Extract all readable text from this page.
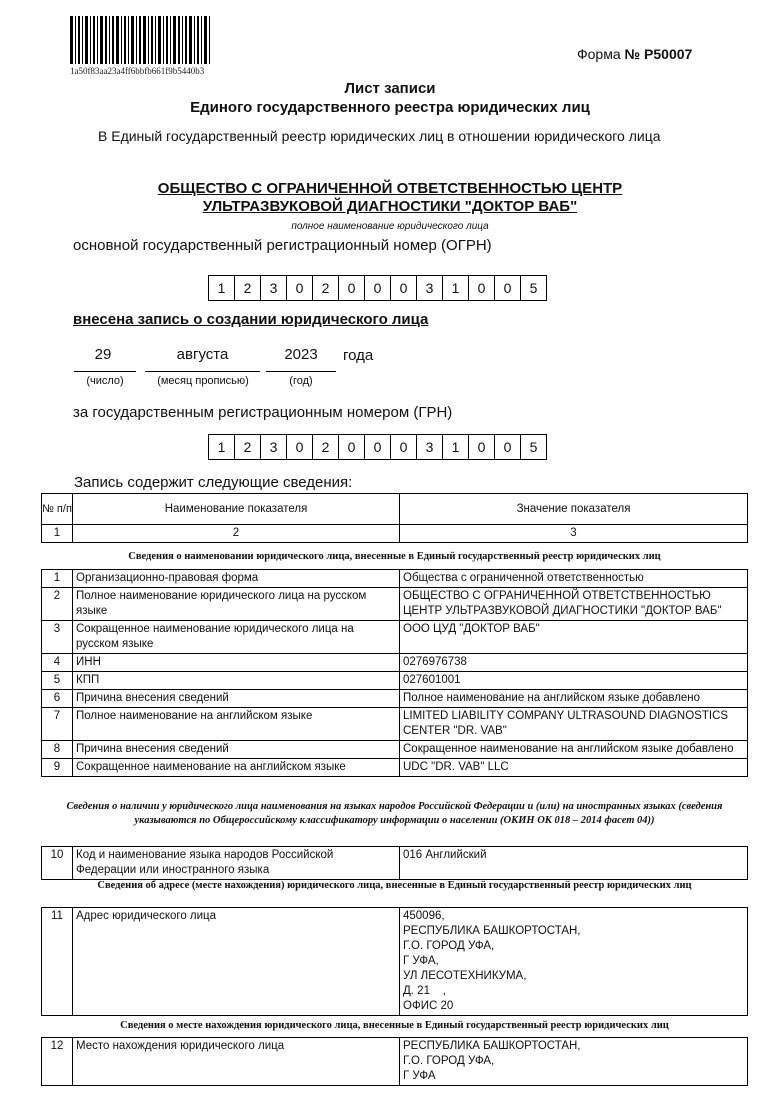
1a50f83aa23a4ff6bbfb661f9b5440b3
Форма № Р50007
Лист записи
Единого государственного реестра юридических лиц
В Единый государственный реестр юридических лиц в отношении юридического лица
ОБЩЕСТВО С ОГРАНИЧЕННОЙ ОТВЕТСТВЕННОСТЬЮ ЦЕНТР
УЛЬТРАЗВУКОВОЙ ДИАГНОСТИКИ "ДОКТОР ВАБ"
полное наименование юридического лица
основной государственный регистрационный номер (ОГРН)
1	2	3	0	2	0	0	0	3	1	0	0	5
внесена запись о создании юридического лица
29	августа	2023	года
(число)	(месяц прописью)	(год)
за государственным регистрационным номером (ГРН)
1	2	3	0	2	0	0	0	3	1	0	0	5
Запись содержит следующие сведения:
№ п/п	Наименование показателя	Значение показателя
1	2	3
Сведения о наименовании юридического лица, внесенные в Единый государственный реестр юридических лиц
1	Организационно-правовая форма	Общества с ограниченной ответственностью
2	Полное наименование юридического лица на русском языке	ОБЩЕСТВО С ОГРАНИЧЕННОЙ ОТВЕТСТВЕННОСТЬЮ ЦЕНТР УЛЬТРАЗВУКОВОЙ ДИАГНОСТИКИ "ДОКТОР ВАБ"
3	Сокращенное наименование юридического лица на русском языке	ООО ЦУД "ДОКТОР ВАБ"
4	ИНН	0276976738
5	КПП	027601001
6	Причина внесения сведений	Полное наименование на английском языке добавлено
7	Полное наименование на английском языке	LIMITED LIABILITY COMPANY ULTRASOUND DIAGNOSTICS CENTER "DR. VAB"
8	Причина внесения сведений	Сокращенное наименование на английском языке добавлено
9	Сокращенное наименование на английском языке	UDC "DR. VAB" LLC
Сведения о наличии у юридического лица наименования на языках народов Российской Федерации и (или) на иностранных языках (сведения указываются по Общероссийскому классификатору информации о населении (ОКИН ОК 018 – 2014 фасет 04))
10	Код и наименование языка народов Российской Федерации или иностранного языка	016 Английский
Сведения об адресе (месте нахождения) юридического лица, внесенные в Единый государственный реестр юридических лиц
11	Адрес юридического лица	450096,
РЕСПУБЛИКА БАШКОРТОСТАН,
Г.О. ГОРОД УФА,
Г УФА,
УЛ ЛЕСОТЕХНИКУМА,
Д. 21    ,
ОФИС 20
Сведения о месте нахождения юридического лица, внесенные в Единый государственный реестр юридических лиц
12	Место нахождения юридического лица	РЕСПУБЛИКА БАШКОРТОСТАН,
Г.О. ГОРОД УФА,
Г УФА
